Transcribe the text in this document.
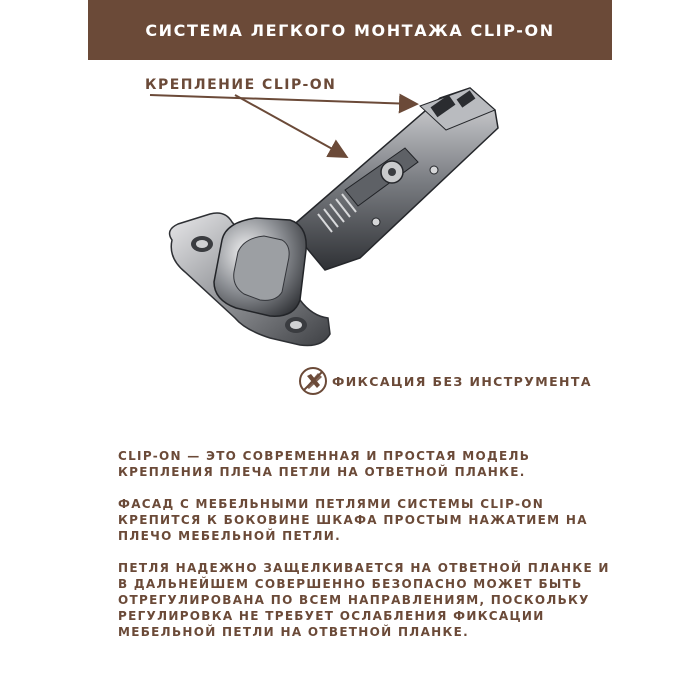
СИСТЕМА ЛЕГКОГО МОНТАЖА CLIP-ON
КРЕПЛЕНИЕ CLIP-ON
ФИКСАЦИЯ БЕЗ ИНСТРУМЕНТА

CLIP-ON — ЭТО СОВРЕМЕННАЯ И ПРОСТАЯ МОДЕЛЬ КРЕПЛЕНИЯ ПЛЕЧА ПЕТЛИ НА ОТВЕТНОЙ ПЛАНКЕ.

ФАСАД С МЕБЕЛЬНЫМИ ПЕТЛЯМИ СИСТЕМЫ CLIP-ON КРЕПИТСЯ К БОКОВИНЕ ШКАФА ПРОСТЫМ НАЖАТИЕМ НА ПЛЕЧО МЕБЕЛЬНОЙ ПЕТЛИ.

ПЕТЛЯ НАДЕЖНО ЗАЩЕЛКИВАЕТСЯ НА ОТВЕТНОЙ ПЛАНКЕ И В ДАЛЬНЕЙШЕМ СОВЕРШЕННО БЕЗОПАСНО МОЖЕТ БЫТЬ ОТРЕГУЛИРОВАНА ПО ВСЕМ НАПРАВЛЕНИЯМ, ПОСКОЛЬКУ РЕГУЛИРОВКА НЕ ТРЕБУЕТ ОСЛАБЛЕНИЯ ФИКСАЦИИ МЕБЕЛЬНОЙ ПЕТЛИ НА ОТВЕТНОЙ ПЛАНКЕ.
